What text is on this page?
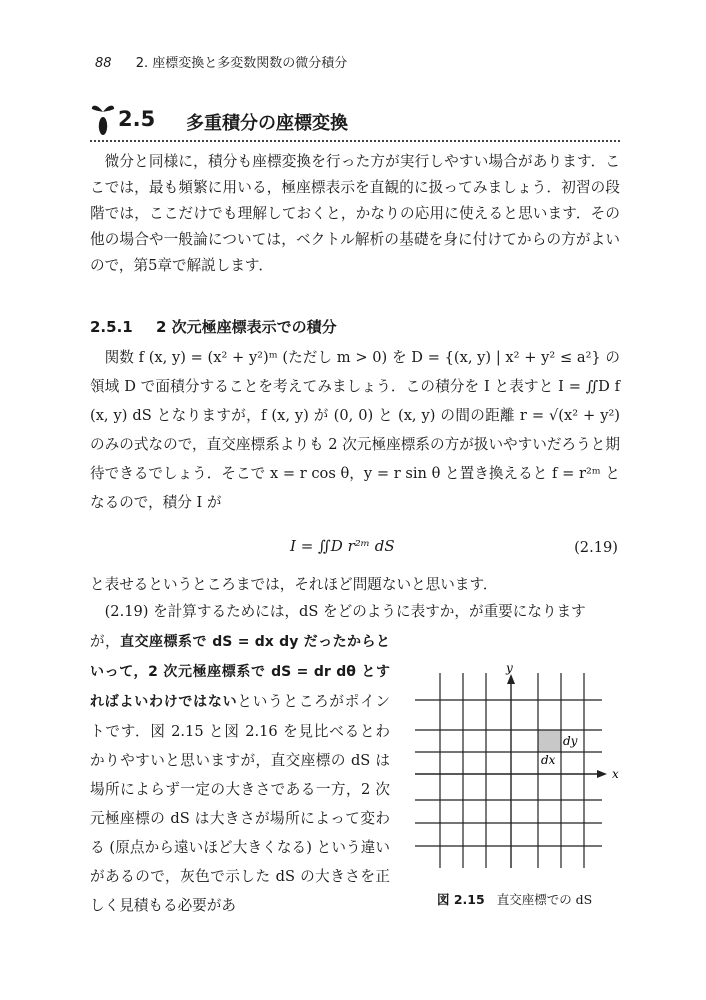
88 2. 座標変換と多変数関数の微分積分
2.5 多重積分の座標変換

微分と同様に，積分も座標変換を行った方が実行しやすい場合があります．ここでは，最も頻繁に用いる，極座標表示を直観的に扱ってみましょう．初習の段階では，ここだけでも理解しておくと，かなりの応用に使えると思います．その他の場合や一般論については，ベクトル解析の基礎を身に付けてからの方がよいので，第5章で解説します．

2.5.1 2 次元極座標表示での積分

関数 f (x, y) = (x² + y²)ᵐ (ただし m > 0) を D = {(x, y) | x² + y² ≤ a²} の領域 D で面積分することを考えてみましょう．この積分を I と表すと I = ∬D f (x, y) dS となりますが，f (x, y) が (0, 0) と (x, y) の間の距離 r = √(x² + y²) のみの式なので，直交座標系よりも 2 次元極座標系の方が扱いやすいだろうと期待できるでしょう．そこで x = r cos θ，y = r sin θ と置き換えると f = r²ᵐ となるので，積分 I が

I = ∬D r²ᵐ dS	(2.19)

と表せるというところまでは，それほど問題ないと思います．

(2.19) を計算するためには，dS をどのように表すか，が重要になります

が，直交座標系で dS = dx dy だったからといって，2 次元極座標系で dS = dr dθ とすればよいわけではないというところがポイントです．図 2.15 と図 2.16 を見比べるとわかりやすいと思いますが，直交座標の dS は場所によらず一定の大きさである一方，2 次元極座標の dS は大きさが場所によって変わる (原点から遠いほど大きくなる) という違いがあるので，灰色で示した dS の大きさを正しく見積もる必要があ

y
x
dy
dx
図 2.15 直交座標での dS
